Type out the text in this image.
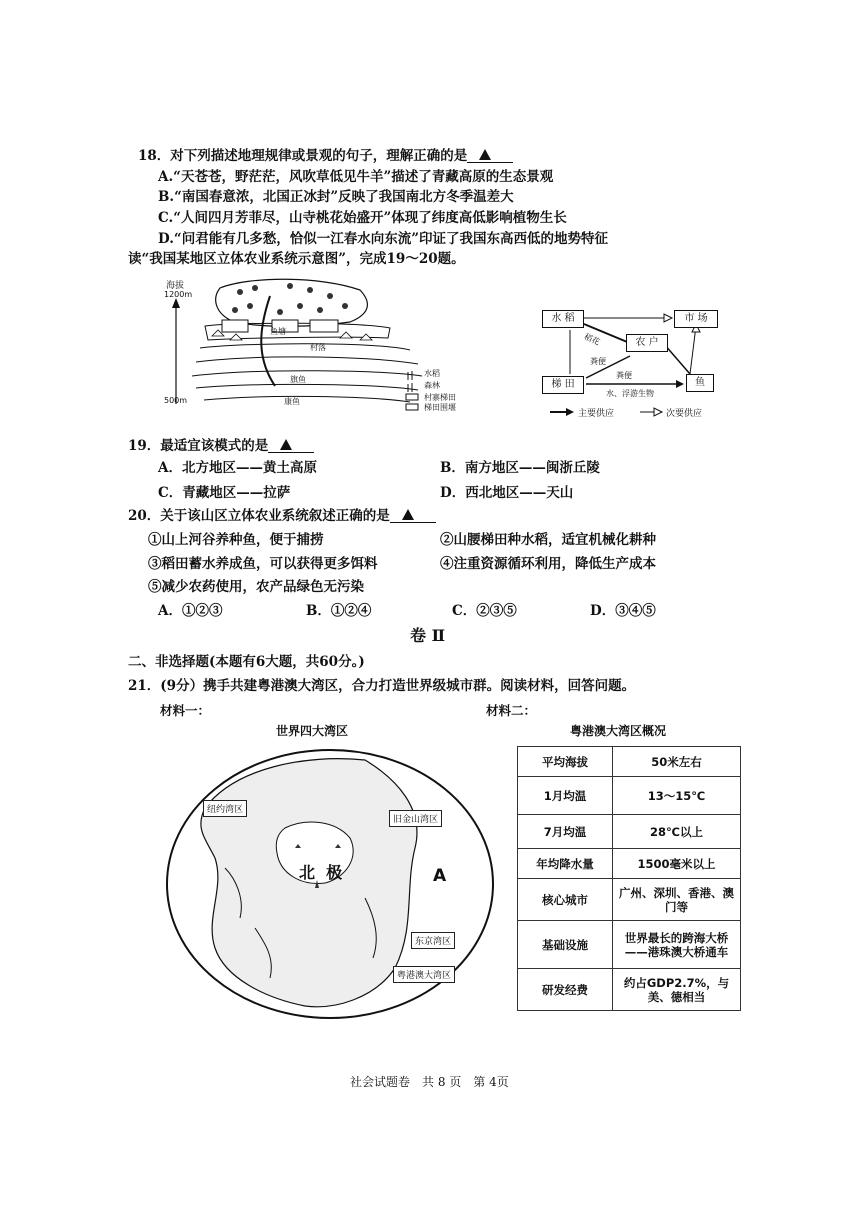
18．对下列描述地理规律或景观的句子，理解正确的是
A.“天苍苍，野茫茫，风吹草低见牛羊”描述了青藏高原的生态景观
B.“南国春意浓，北国正冰封”反映了我国南北方冬季温差大
C.“人间四月芳菲尽，山寺桃花始盛开”体现了纬度高低影响植物生长
D.“问君能有几多愁，恰似一江春水向东流”印证了我国东高西低的地势特征
读“我国某地区立体农业系统示意图”，完成19～20题。
海拔
1200m
500m
鱼塘
村落
旗鱼
康鱼
水稻
森林
村寨梯田
梯田围堰
水 稻	市 场
农 户
梯 田	鱼
稻花
粪便
粪便
水、浮游生物
主要供应	次要供应
19．最适宜该模式的是
A．北方地区——黄土高原	B．南方地区——闽浙丘陵
C．青藏地区——拉萨	D．西北地区——天山
20．关于该山区立体农业系统叙述正确的是
①山上河谷养种鱼，便于捕捞	②山腰梯田种水稻，适宜机械化耕种
③稻田蓄水养成鱼，可以获得更多饵料	④注重资源循环利用，降低生产成本
⑤减少农药使用，农产品绿色无污染
A．①②③	B．①②④	C．②③⑤	D．③④⑤
卷 Ⅱ
二、非选择题(本题有6大题，共60分。)
21．(9分）携手共建粤港澳大湾区，合力打造世界级城市群。阅读材料，回答问题。
材料一：
世界四大湾区
纽约湾区
旧金山湾区
东京湾区
粤港澳大湾区
北  极	A
材料二：
粤港澳大湾区概况
平均海拔	50米左右
1月均温	13～15℃
7月均温	28℃以上
年均降水量	1500毫米以上
核心城市	广州、深圳、香港、澳门等
基础设施	世界最长的跨海大桥——港珠澳大桥通车
研发经费	约占GDP2.7%，与美、德相当
社会试题卷　共 8 页　第 4页
